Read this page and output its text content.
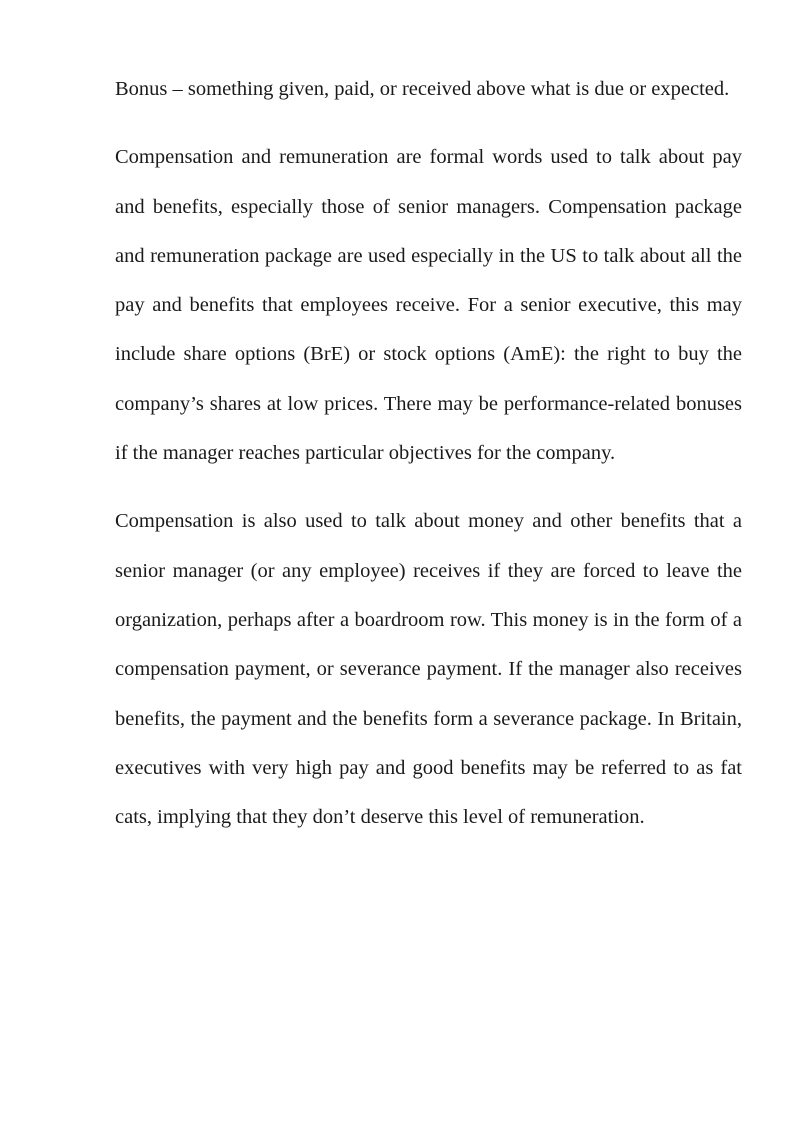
Bonus – something given, paid, or received above what is due or expected.

Compensation and remuneration are formal words used to talk about pay and benefits, especially those of senior managers. Compensation package and remuneration package are used especially in the US to talk about all the pay and benefits that employees receive. For a senior executive, this may include share options (BrE) or stock options (AmE): the right to buy the company’s shares at low prices. There may be performance-related bonuses if the manager reaches particular objectives for the company.

Compensation is also used to talk about money and other benefits that a senior manager (or any employee) receives if they are forced to leave the organization, perhaps after a boardroom row. This money is in the form of a compensation payment, or severance payment. If the manager also receives benefits, the payment and the benefits form a severance package. In Britain, executives with very high pay and good benefits may be referred to as fat cats, implying that they don’t deserve this level of remuneration.
